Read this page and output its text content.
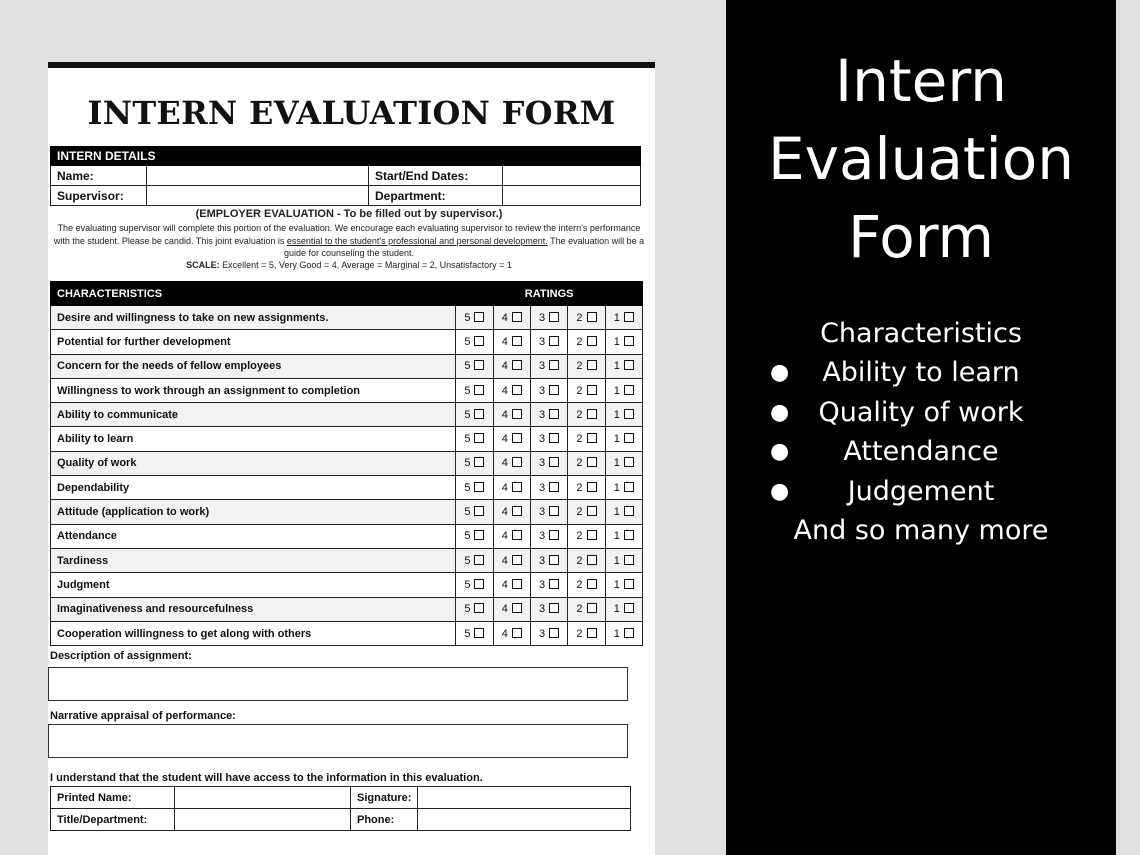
INTERN EVALUATION FORM
INTERN DETAILS			
Name:		Start/End Dates:	
Supervisor:		Department:	
(EMPLOYER EVALUATION - To be filled out by supervisor.)
The evaluating supervisor will complete this portion of the evaluation. We encourage each evaluating supervisor to review the intern's performance with the student. Please be candid. This joint evaluation is essential to the student's professional and personal development. The evaluation will be a guide for counseling the student.
SCALE: Excellent = 5, Very Good = 4, Average = Marginal = 2, Unsatisfactory = 1
CHARACTERISTICS	RATINGS				
Desire and willingness to take on new assignments.	5	4	3	2	1
Potential for further development	5	4	3	2	1
Concern for the needs of fellow employees	5	4	3	2	1
Willingness to work through an assignment to completion	5	4	3	2	1
Ability to communicate	5	4	3	2	1
Ability to learn	5	4	3	2	1
Quality of work	5	4	3	2	1
Dependability	5	4	3	2	1
Attitude (application to work)	5	4	3	2	1
Attendance	5	4	3	2	1
Tardiness	5	4	3	2	1
Judgment	5	4	3	2	1
Imaginativeness and resourcefulness	5	4	3	2	1
Cooperation willingness to get along with others	5	4	3	2	1
Description of assignment:
Narrative appraisal of performance:
I understand that the student will have access to the information in this evaluation.
Printed Name:		Signature:	
Title/Department:		Phone:	
Intern
Evaluation
Form
Characteristics
● Ability to learn
● Quality of work
● Attendance
● Judgement
And so many more
